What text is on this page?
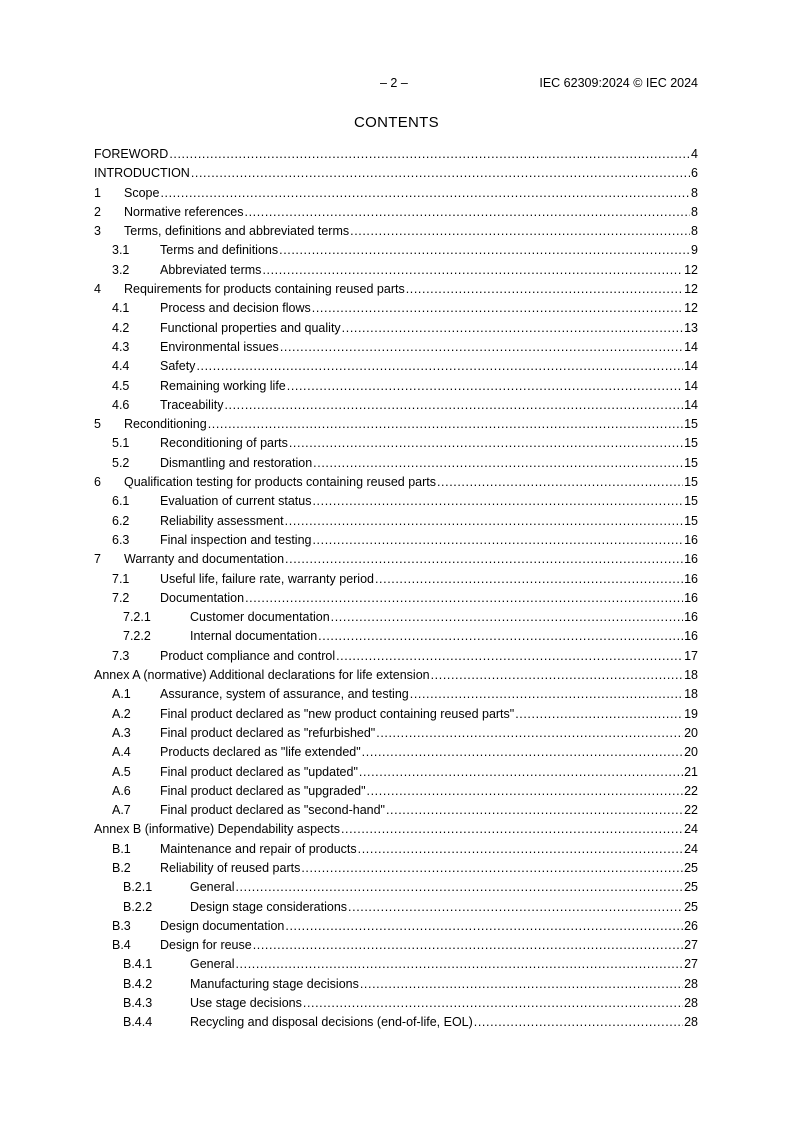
– 2 –	IEC 62309:2024 © IEC 2024
CONTENTS
FOREWORD .....	4
INTRODUCTION .....	6
1 Scope .....	8
2 Normative references .....	8
3 Terms, definitions and abbreviated terms .....	8
3.1 Terms and definitions .....	9
3.2 Abbreviated terms .....	12
4 Requirements for products containing reused parts .....	12
4.1 Process and decision flows .....	12
4.2 Functional properties and quality .....	13
4.3 Environmental issues .....	14
4.4 Safety .....	14
4.5 Remaining working life .....	14
4.6 Traceability .....	14
5 Reconditioning .....	15
5.1 Reconditioning of parts .....	15
5.2 Dismantling and restoration .....	15
6 Qualification testing for products containing reused parts .....	15
6.1 Evaluation of current status .....	15
6.2 Reliability assessment .....	15
6.3 Final inspection and testing .....	16
7 Warranty and documentation .....	16
7.1 Useful life, failure rate, warranty period .....	16
7.2 Documentation .....	16
7.2.1	Customer documentation .....	16
7.2.2	Internal documentation .....	16
7.3 Product compliance and control .....	17
Annex A (normative) Additional declarations for life extension .....	18
A.1 Assurance, system of assurance, and testing .....	18
A.2 Final product declared as "new product containing reused parts" .....	19
A.3 Final product declared as "refurbished" .....	20
A.4 Products declared as "life extended" .....	20
A.5 Final product declared as "updated" .....	21
A.6 Final product declared as "upgraded" .....	22
A.7 Final product declared as "second-hand" .....	22
Annex B (informative) Dependability aspects .....	24
B.1 Maintenance and repair of products .....	24
B.2 Reliability of reused parts .....	25
B.2.1	General .....	25
B.2.2	Design stage considerations .....	25
B.3 Design documentation .....	26
B.4 Design for reuse .....	27
B.4.1	General .....	27
B.4.2	Manufacturing stage decisions .....	28
B.4.3	Use stage decisions .....	28
B.4.4	Recycling and disposal decisions (end-of-life, EOL) .....	28
